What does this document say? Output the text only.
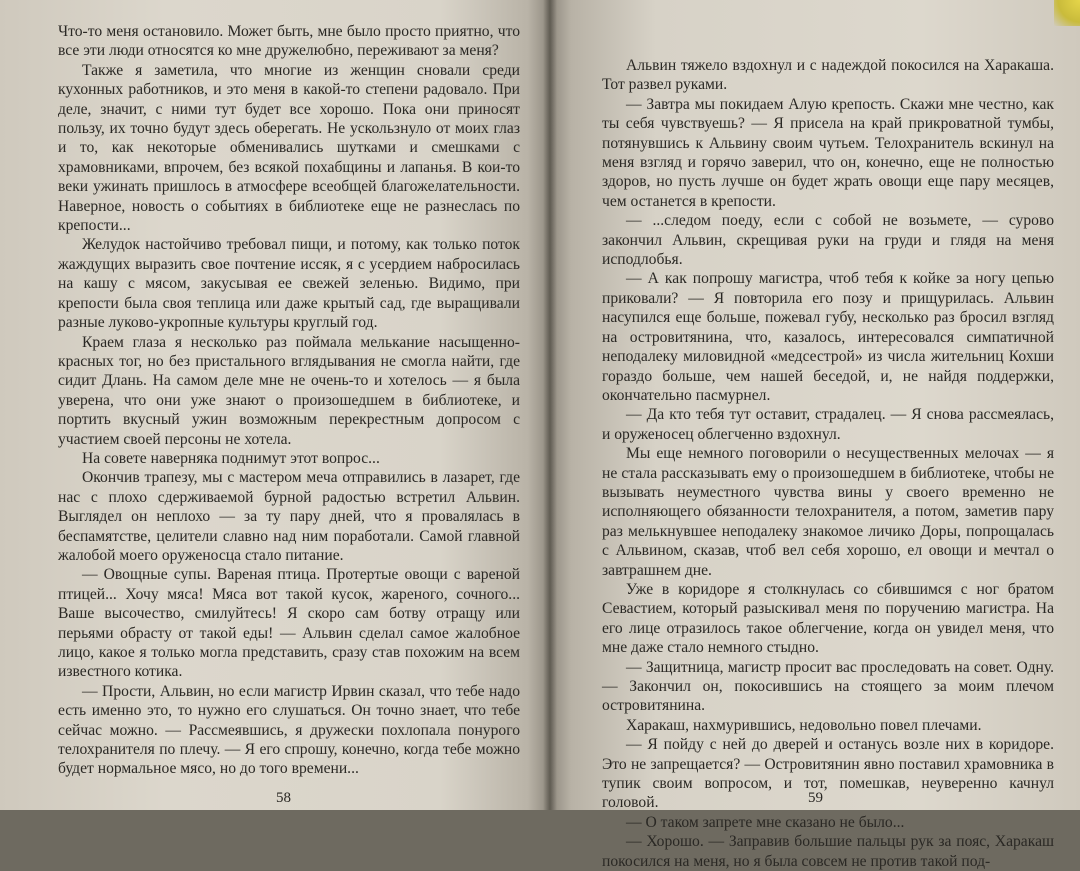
Что-то меня остановило. Может быть, мне было просто приятно, что все эти люди относятся ко мне дружелюбно, переживают за меня?

Также я заметила, что многие из женщин сновали среди кухонных работников, и это меня в какой-то степени радовало. При деле, значит, с ними тут будет все хорошо. Пока они приносят пользу, их точно будут здесь оберегать. Не ускользнуло от моих глаз и то, как некоторые обменивались шутками и смешками с храмовниками, впрочем, без всякой похабщины и лапанья. В кои-то веки ужинать пришлось в атмосфере всеобщей благожелательности. Наверное, новость о событиях в библиотеке еще не разнеслась по крепости...

Желудок настойчиво требовал пищи, и потому, как только поток жаждущих выразить свое почтение иссяк, я с усердием набросилась на кашу с мясом, закусывая ее свежей зеленью. Видимо, при крепости была своя теплица или даже крытый сад, где выращивали разные луково-укропные культуры круглый год.

Краем глаза я несколько раз поймала мелькание насыщенно-красных тог, но без пристального вглядывания не смогла найти, где сидит Длань. На самом деле мне не очень-то и хотелось — я была уверена, что они уже знают о произошедшем в библиотеке, и портить вкусный ужин возможным перекрестным допросом с участием своей персоны не хотела.

На совете наверняка поднимут этот вопрос...

Окончив трапезу, мы с мастером меча отправились в лазарет, где нас с плохо сдерживаемой бурной радостью встретил Альвин. Выглядел он неплохо — за ту пару дней, что я провалялась в беспамятстве, целители славно над ним поработали. Самой главной жалобой моего оруженосца стало питание.

— Овощные супы. Вареная птица. Протертые овощи с вареной птицей... Хочу мяса! Мяса вот такой кусок, жареного, сочного... Ваше высочество, смилуйтесь! Я скоро сам ботву отращу или перьями обрасту от такой еды! — Альвин сделал самое жалобное лицо, какое я только могла представить, сразу став похожим на всем известного котика.

— Прости, Альвин, но если магистр Ирвин сказал, что тебе надо есть именно это, то нужно его слушаться. Он точно знает, что тебе сейчас можно. — Рассмеявшись, я дружески похлопала понурого телохранителя по плечу. — Я его спрошу, конечно, когда тебе можно будет нормальное мясо, но до того времени...

58

Альвин тяжело вздохнул и с надеждой покосился на Харакаша. Тот развел руками.

— Завтра мы покидаем Алую крепость. Скажи мне честно, как ты себя чувствуешь? — Я присела на край прикроватной тумбы, потянувшись к Альвину своим чутьем. Телохранитель вскинул на меня взгляд и горячо заверил, что он, конечно, еще не полностью здоров, но пусть лучше он будет жрать овощи еще пару месяцев, чем останется в крепости.

— ...следом поеду, если с собой не возьмете, — сурово закончил Альвин, скрещивая руки на груди и глядя на меня исподлобья.

— А как попрошу магистра, чтоб тебя к койке за ногу цепью приковали? — Я повторила его позу и прищурилась. Альвин насупился еще больше, пожевал губу, несколько раз бросил взгляд на островитянина, что, казалось, интересовался симпатичной неподалеку миловидной «медсестрой» из числа жительниц Кохши гораздо больше, чем нашей беседой, и, не найдя поддержки, окончательно пасмурнел.

— Да кто тебя тут оставит, страдалец. — Я снова рассмеялась, и оруженосец облегченно вздохнул.

Мы еще немного поговорили о несущественных мелочах — я не стала рассказывать ему о произошедшем в библиотеке, чтобы не вызывать неуместного чувства вины у своего временно не исполняющего обязанности телохранителя, а потом, заметив пару раз мелькнувшее неподалеку знакомое личико Доры, попрощалась с Альвином, сказав, чтоб вел себя хорошо, ел овощи и мечтал о завтрашнем дне.

Уже в коридоре я столкнулась со сбившимся с ног братом Севастием, который разыскивал меня по поручению магистра. На его лице отразилось такое облегчение, когда он увидел меня, что мне даже стало немного стыдно.

— Защитница, магистр просит вас проследовать на совет. Одну. — Закончил он, покосившись на стоящего за моим плечом островитянина.

Харакаш, нахмурившись, недовольно повел плечами.

— Я пойду с ней до дверей и останусь возле них в коридоре. Это не запрещается? — Островитянин явно поставил храмовника в тупик своим вопросом, и тот, помешкав, неуверенно качнул головой.

— О таком запрете мне сказано не было...

— Хорошо. — Заправив большие пальцы рук за пояс, Харакаш покосился на меня, но я была совсем не против такой под-

59
